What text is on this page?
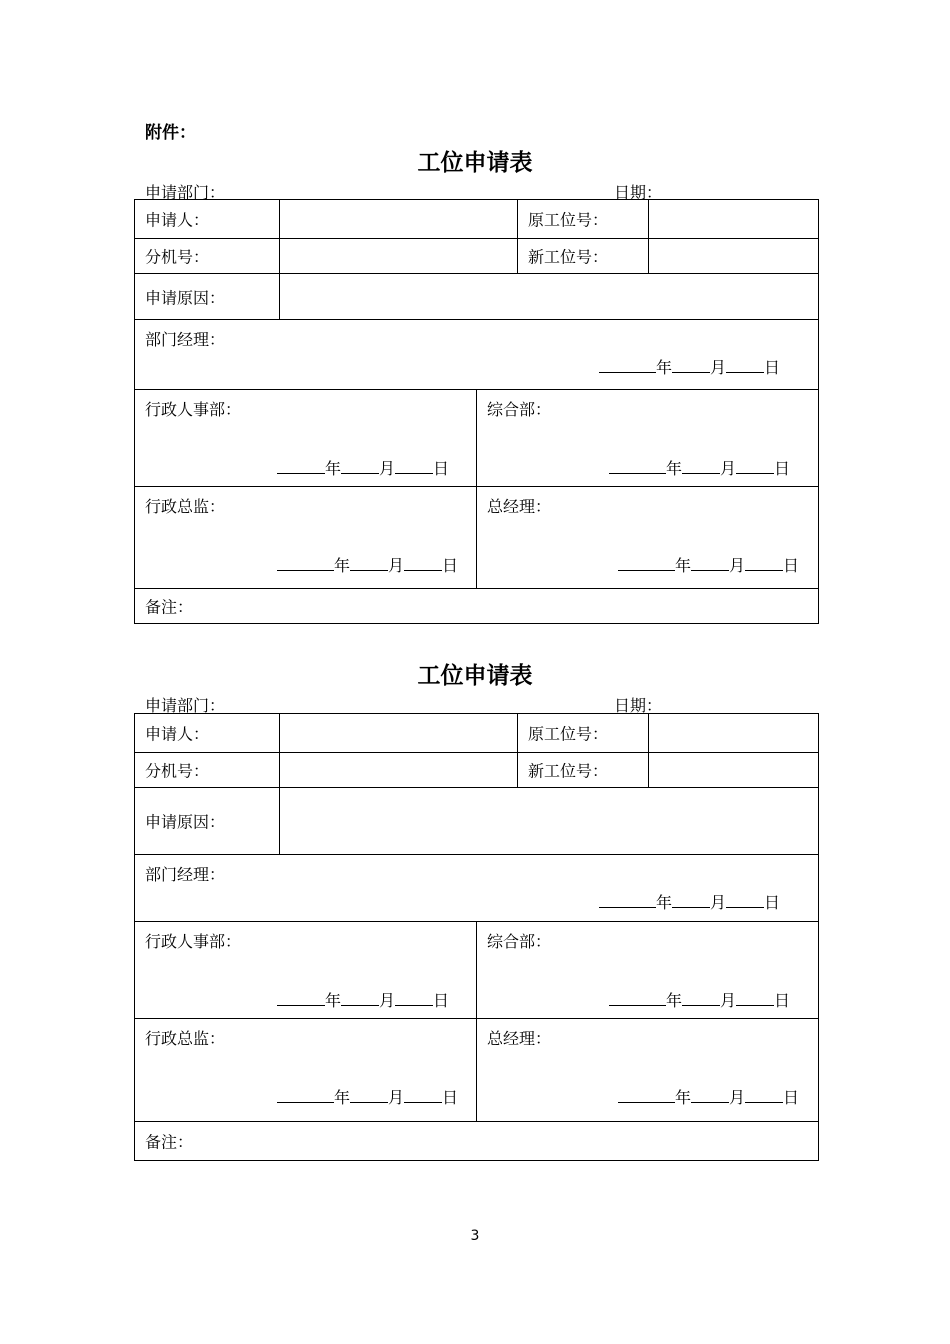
附件：
工位申请表
申请部门：	日期：
申请人：	原工位号：
分机号：	新工位号：
申请原因：
部门经理：
年 月 日
行政人事部：
年 月 日
综合部：
年 月 日
行政总监：
年 月 日
总经理：
年 月 日
备注：
工位申请表
申请部门：	日期：
申请人：	原工位号：
分机号：	新工位号：
申请原因：
部门经理：
年 月 日
行政人事部：
年 月 日
综合部：
年 月 日
行政总监：
年 月 日
总经理：
年 月 日
备注：
3
